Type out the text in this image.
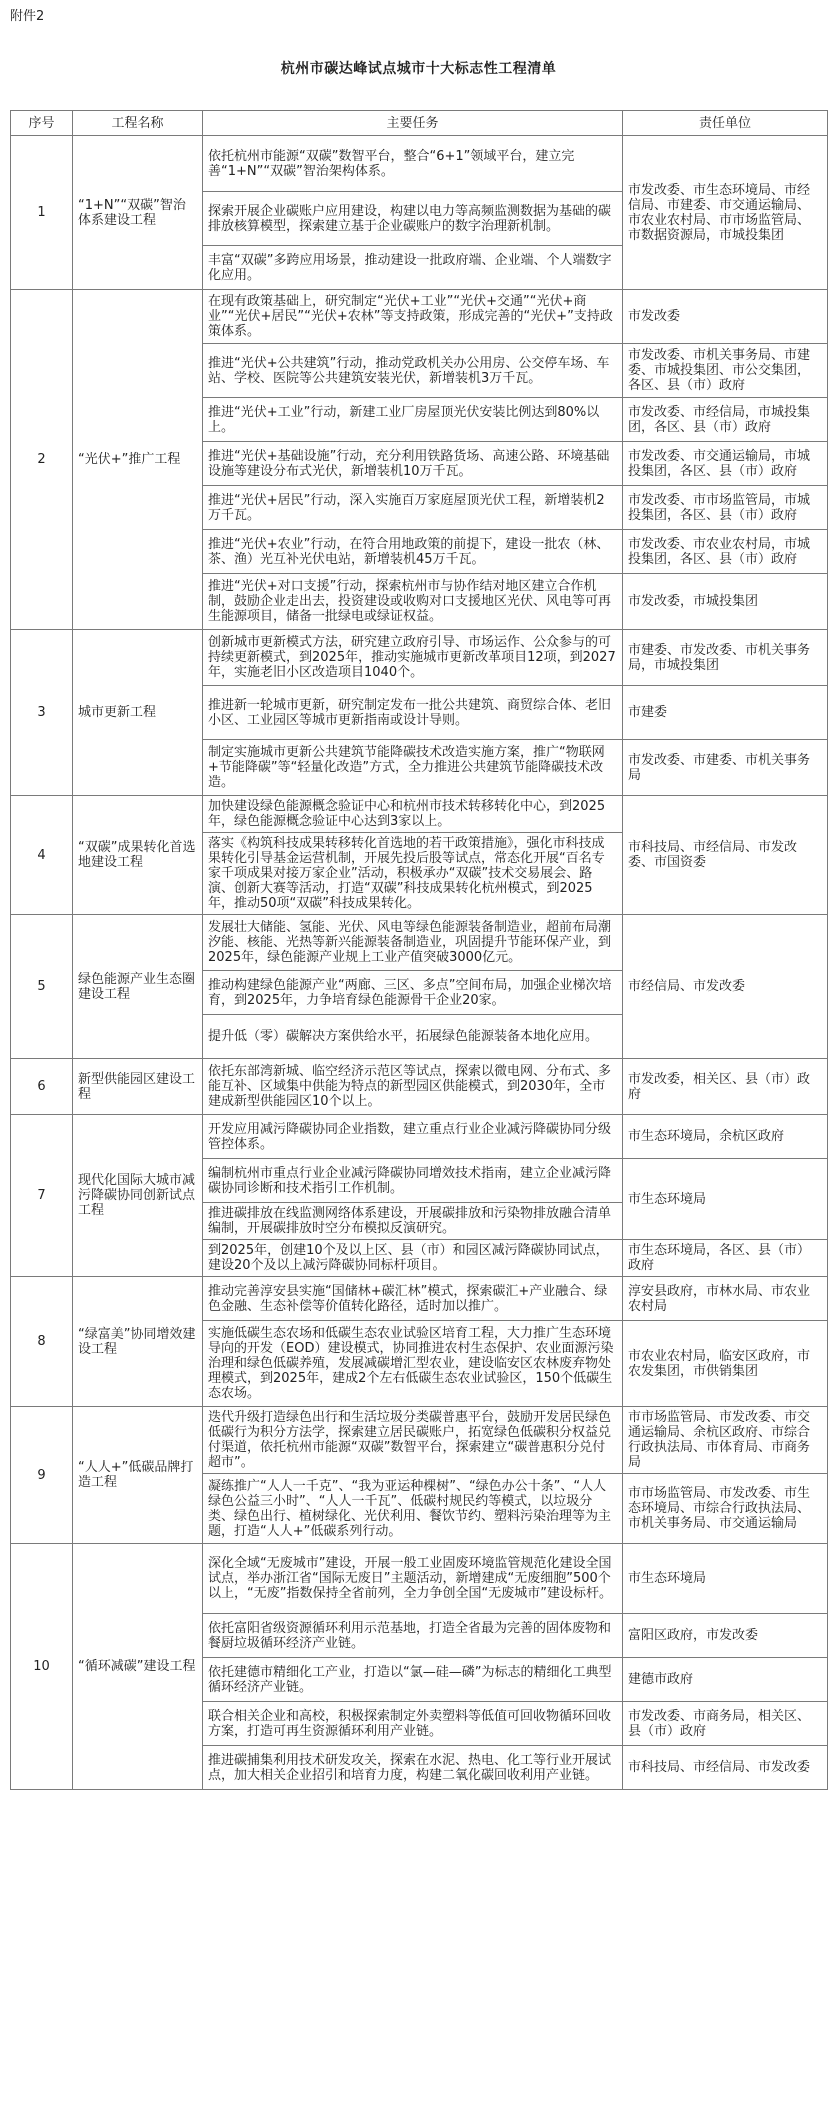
附件2
杭州市碳达峰试点城市十大标志性工程清单
序号	工程名称	主要任务	责任单位
1	“1+N”“双碳”智治体系建设工程	依托杭州市能源“双碳”数智平台，整合“6+1”领域平台，建立完善“1+N”“双碳”智治架构体系。	市发改委、市生态环境局、市经信局、市建委、市交通运输局、市农业农村局、市市场监管局、市数据资源局，市城投集团
		探索开展企业碳账户应用建设，构建以电力等高频监测数据为基础的碳排放核算模型，探索建立基于企业碳账户的数字治理新机制。	
		丰富“双碳”多跨应用场景，推动建设一批政府端、企业端、个人端数字化应用。	
2	“光伏+”推广工程	在现有政策基础上，研究制定“光伏+工业”“光伏+交通”“光伏+商业”“光伏+居民”“光伏+农林”等支持政策，形成完善的“光伏+”支持政策体系。	市发改委
		推进“光伏+公共建筑”行动，推动党政机关办公用房、公交停车场、车站、学校、医院等公共建筑安装光伏，新增装机3万千瓦。	市发改委、市机关事务局、市建委、市城投集团、市公交集团，各区、县（市）政府
		推进“光伏+工业”行动，新建工业厂房屋顶光伏安装比例达到80%以上。	市发改委、市经信局，市城投集团，各区、县（市）政府
		推进“光伏+基础设施”行动，充分利用铁路货场、高速公路、环境基础设施等建设分布式光伏，新增装机10万千瓦。	市发改委、市交通运输局，市城投集团，各区、县（市）政府
		推进“光伏+居民”行动，深入实施百万家庭屋顶光伏工程，新增装机2万千瓦。	市发改委、市市场监管局，市城投集团，各区、县（市）政府
		推进“光伏+农业”行动，在符合用地政策的前提下，建设一批农（林、茶、渔）光互补光伏电站，新增装机45万千瓦。	市发改委、市农业农村局，市城投集团，各区、县（市）政府
		推进“光伏+对口支援”行动，探索杭州市与协作结对地区建立合作机制，鼓励企业走出去，投资建设或收购对口支援地区光伏、风电等可再生能源项目，储备一批绿电或绿证权益。	市发改委，市城投集团
3	城市更新工程	创新城市更新模式方法，研究建立政府引导、市场运作、公众参与的可持续更新模式，到2025年，推动实施城市更新改革项目12项，到2027年，实施老旧小区改造项目1040个。	市建委、市发改委、市机关事务局，市城投集团
		推进新一轮城市更新，研究制定发布一批公共建筑、商贸综合体、老旧小区、工业园区等城市更新指南或设计导则。	市建委
		制定实施城市更新公共建筑节能降碳技术改造实施方案，推广“物联网+节能降碳”等“轻量化改造”方式，全力推进公共建筑节能降碳技术改造。	市发改委、市建委、市机关事务局
4	“双碳”成果转化首选地建设工程	加快建设绿色能源概念验证中心和杭州市技术转移转化中心，到2025年，绿色能源概念验证中心达到3家以上。	市科技局、市经信局、市发改委、市国资委
		落实《构筑科技成果转移转化首选地的若干政策措施》，强化市科技成果转化引导基金运营机制，开展先投后股等试点，常态化开展“百名专家千项成果对接万家企业”活动，积极承办“双碳”技术交易展会、路演、创新大赛等活动，打造“双碳”科技成果转化杭州模式，到2025年，推动50项“双碳”科技成果转化。	
5	绿色能源产业生态圈建设工程	发展壮大储能、氢能、光伏、风电等绿色能源装备制造业，超前布局潮汐能、核能、光热等新兴能源装备制造业，巩固提升节能环保产业，到2025年，绿色能源产业规上工业产值突破3000亿元。	市经信局、市发改委
		推动构建绿色能源产业“两廊、三区、多点”空间布局，加强企业梯次培育，到2025年，力争培育绿色能源骨干企业20家。	
		提升低（零）碳解决方案供给水平，拓展绿色能源装备本地化应用。	
6	新型供能园区建设工程	依托东部湾新城、临空经济示范区等试点，探索以微电网、分布式、多能互补、区域集中供能为特点的新型园区供能模式，到2030年，全市建成新型供能园区10个以上。	市发改委，相关区、县（市）政府
7	现代化国际大城市减污降碳协同创新试点工程	开发应用减污降碳协同企业指数，建立重点行业企业减污降碳协同分级管控体系。	市生态环境局，余杭区政府
		编制杭州市重点行业企业减污降碳协同增效技术指南，建立企业减污降碳协同诊断和技术指引工作机制。	市生态环境局
		推进碳排放在线监测网络体系建设，开展碳排放和污染物排放融合清单编制，开展碳排放时空分布模拟反演研究。	
		到2025年，创建10个及以上区、县（市）和园区减污降碳协同试点，建设20个及以上减污降碳协同标杆项目。	市生态环境局，各区、县（市）政府
8	“绿富美”协同增效建设工程	推动完善淳安县实施“国储林+碳汇林”模式，探索碳汇+产业融合、绿色金融、生态补偿等价值转化路径，适时加以推广。	淳安县政府，市林水局、市农业农村局
		实施低碳生态农场和低碳生态农业试验区培育工程，大力推广生态环境导向的开发（EOD）建设模式，协同推进农村生态保护、农业面源污染治理和绿色低碳养殖，发展减碳增汇型农业，建设临安区农林废弃物处理模式，到2025年，建成2个左右低碳生态农业试验区，150个低碳生态农场。	市农业农村局，临安区政府，市农发集团，市供销集团
9	“人人+”低碳品牌打造工程	迭代升级打造绿色出行和生活垃圾分类碳普惠平台，鼓励开发居民绿色低碳行为积分方法学，探索建立居民碳账户，拓宽绿色低碳积分权益兑付渠道，依托杭州市能源“双碳”数智平台，探索建立“碳普惠积分兑付超市”。	市市场监管局、市发改委、市交通运输局、余杭区政府、市综合行政执法局、市体育局、市商务局
		凝练推广“人人一千克”、“我为亚运种棵树”、“绿色办公十条”、“人人绿色公益三小时”、“人人一千瓦”、低碳村规民约等模式，以垃圾分类、绿色出行、植树绿化、光伏利用、餐饮节约、塑料污染治理等为主题，打造“人人+”低碳系列行动。	市市场监管局、市发改委、市生态环境局、市综合行政执法局、市机关事务局、市交通运输局
10	“循环减碳”建设工程	深化全域“无废城市”建设，开展一般工业固废环境监管规范化建设全国试点，举办浙江省“国际无废日”主题活动，新增建成“无废细胞”500个以上，“无废”指数保持全省前列，全力争创全国“无废城市”建设标杆。	市生态环境局
		依托富阳省级资源循环利用示范基地，打造全省最为完善的固体废物和餐厨垃圾循环经济产业链。	富阳区政府，市发改委
		依托建德市精细化工产业，打造以“氯—硅—磷”为标志的精细化工典型循环经济产业链。	建德市政府
		联合相关企业和高校，积极探索制定外卖塑料等低值可回收物循环回收方案，打造可再生资源循环利用产业链。	市发改委、市商务局，相关区、县（市）政府
		推进碳捕集利用技术研发攻关，探索在水泥、热电、化工等行业开展试点，加大相关企业招引和培育力度，构建二氧化碳回收利用产业链。	市科技局、市经信局、市发改委
